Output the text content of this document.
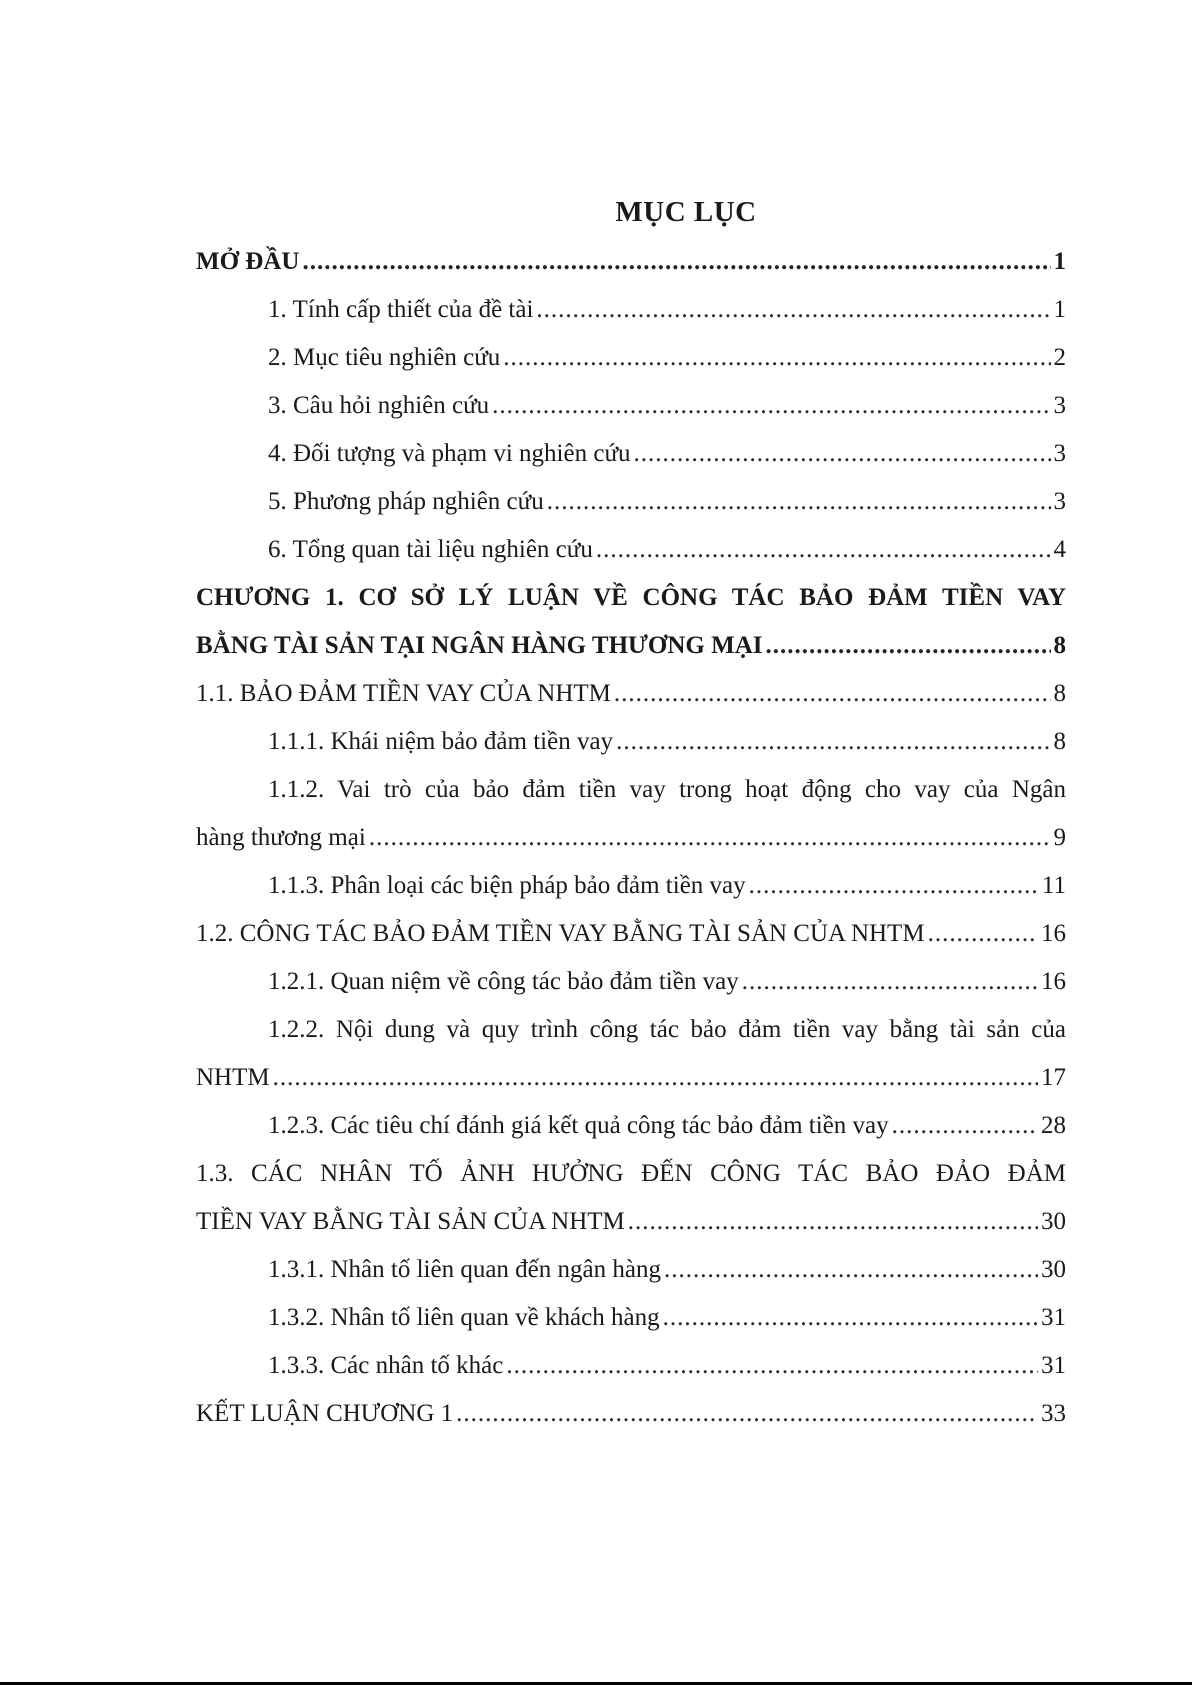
MỤC LỤC
MỞ ĐẦU .....	1
1. Tính cấp thiết của đề tài .....	1
2. Mục tiêu nghiên cứu .....	2
3. Câu hỏi nghiên cứu .....	3
4. Đối tượng và phạm vi nghiên cứu .....	3
5. Phương pháp nghiên cứu .....	3
6. Tổng quan tài liệu nghiên cứu .....	4
CHƯƠNG 1. CƠ SỞ LÝ LUẬN VỀ CÔNG TÁC BẢO ĐẢM TIỀN VAY
BẰNG TÀI SẢN TẠI NGÂN HÀNG THƯƠNG MẠI .....	8
1.1. BẢO ĐẢM TIỀN VAY CỦA NHTM .....	8
1.1.1. Khái niệm bảo đảm tiền vay .....	8
1.1.2. Vai trò của bảo đảm tiền vay trong hoạt động cho vay của Ngân
hàng thương mại .....	9
1.1.3. Phân loại các biện pháp bảo đảm tiền vay .....	11
1.2. CÔNG TÁC BẢO ĐẢM TIỀN VAY BẰNG TÀI SẢN CỦA NHTM .....	16
1.2.1. Quan niệm về công tác bảo đảm tiền vay .....	16
1.2.2. Nội dung và quy trình công tác bảo đảm tiền vay bằng tài sản của
NHTM .....	17
1.2.3. Các tiêu chí đánh giá kết quả công tác bảo đảm tiền vay .....	28
1.3. CÁC NHÂN TỐ ẢNH HƯỞNG ĐẾN CÔNG TÁC BẢO ĐẢO ĐẢM
TIỀN VAY BẰNG TÀI SẢN CỦA NHTM .....	30
1.3.1. Nhân tố liên quan đến ngân hàng .....	30
1.3.2. Nhân tố liên quan về khách hàng .....	31
1.3.3. Các nhân tố khác .....	31
KẾT LUẬN CHƯƠNG 1 .....	33
